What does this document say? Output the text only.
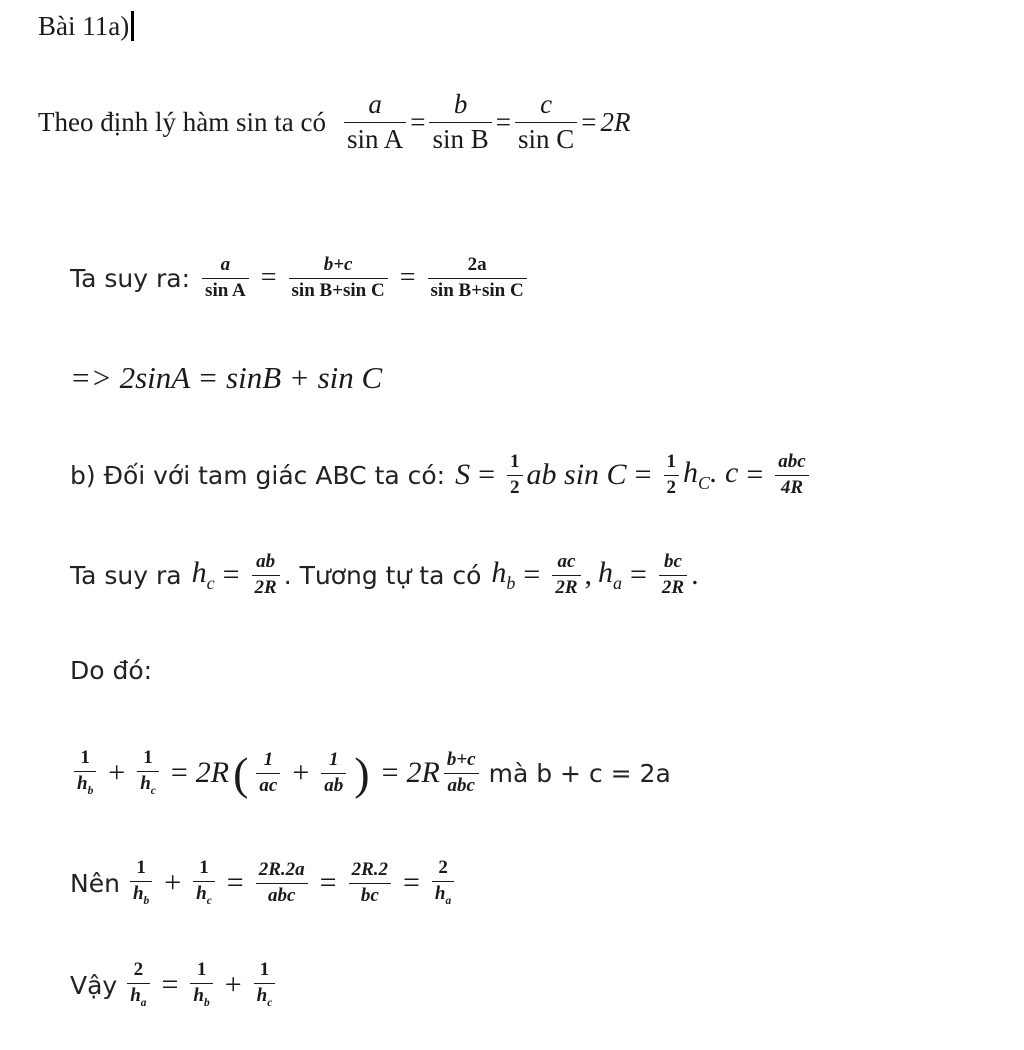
Bài 11a)
Theo định lý hàm sin ta có $\frac{a}{\text{sin A}} = \frac{b}{\text{sin B}} = \frac{c}{\text{sin C}} = 2R$
Ta suy ra: $\frac{a}{\text{sin A}} = \frac{b+c}{\text{sin B+sin C}} = \frac{2a}{\text{sin B+sin C}}$
=> 2sinA = sinB + sin C
b) Đối với tam giác ABC ta có: $S = \frac{1}{2}$ ab $\sin C = \frac{1}{2} h_C$. $c = \frac{\text{abc}}{4R}$
Ta suy ra $h_c = \frac{ab}{2R}$ . Tương tự ta có $h_b = \frac{ac}{2R}$ , $h_a = \frac{bc}{2R}$ .
Do đó:
$\frac{1}{h_b} + \frac{1}{h_c} = 2R$ ( $\frac{1}{ac} + \frac{1}{ab}$ ) = $2R \frac{b+c}{\text{abc}}$ mà b + c = 2a
Nên $\frac{1}{h_b} + \frac{1}{h_c} = \frac{2R.2a}{\text{abc}} = \frac{2R.2}{bc} = \frac{2}{h_a}$
Vậy $\frac{2}{h_a} = \frac{1}{h_b} + \frac{1}{h_c}$
